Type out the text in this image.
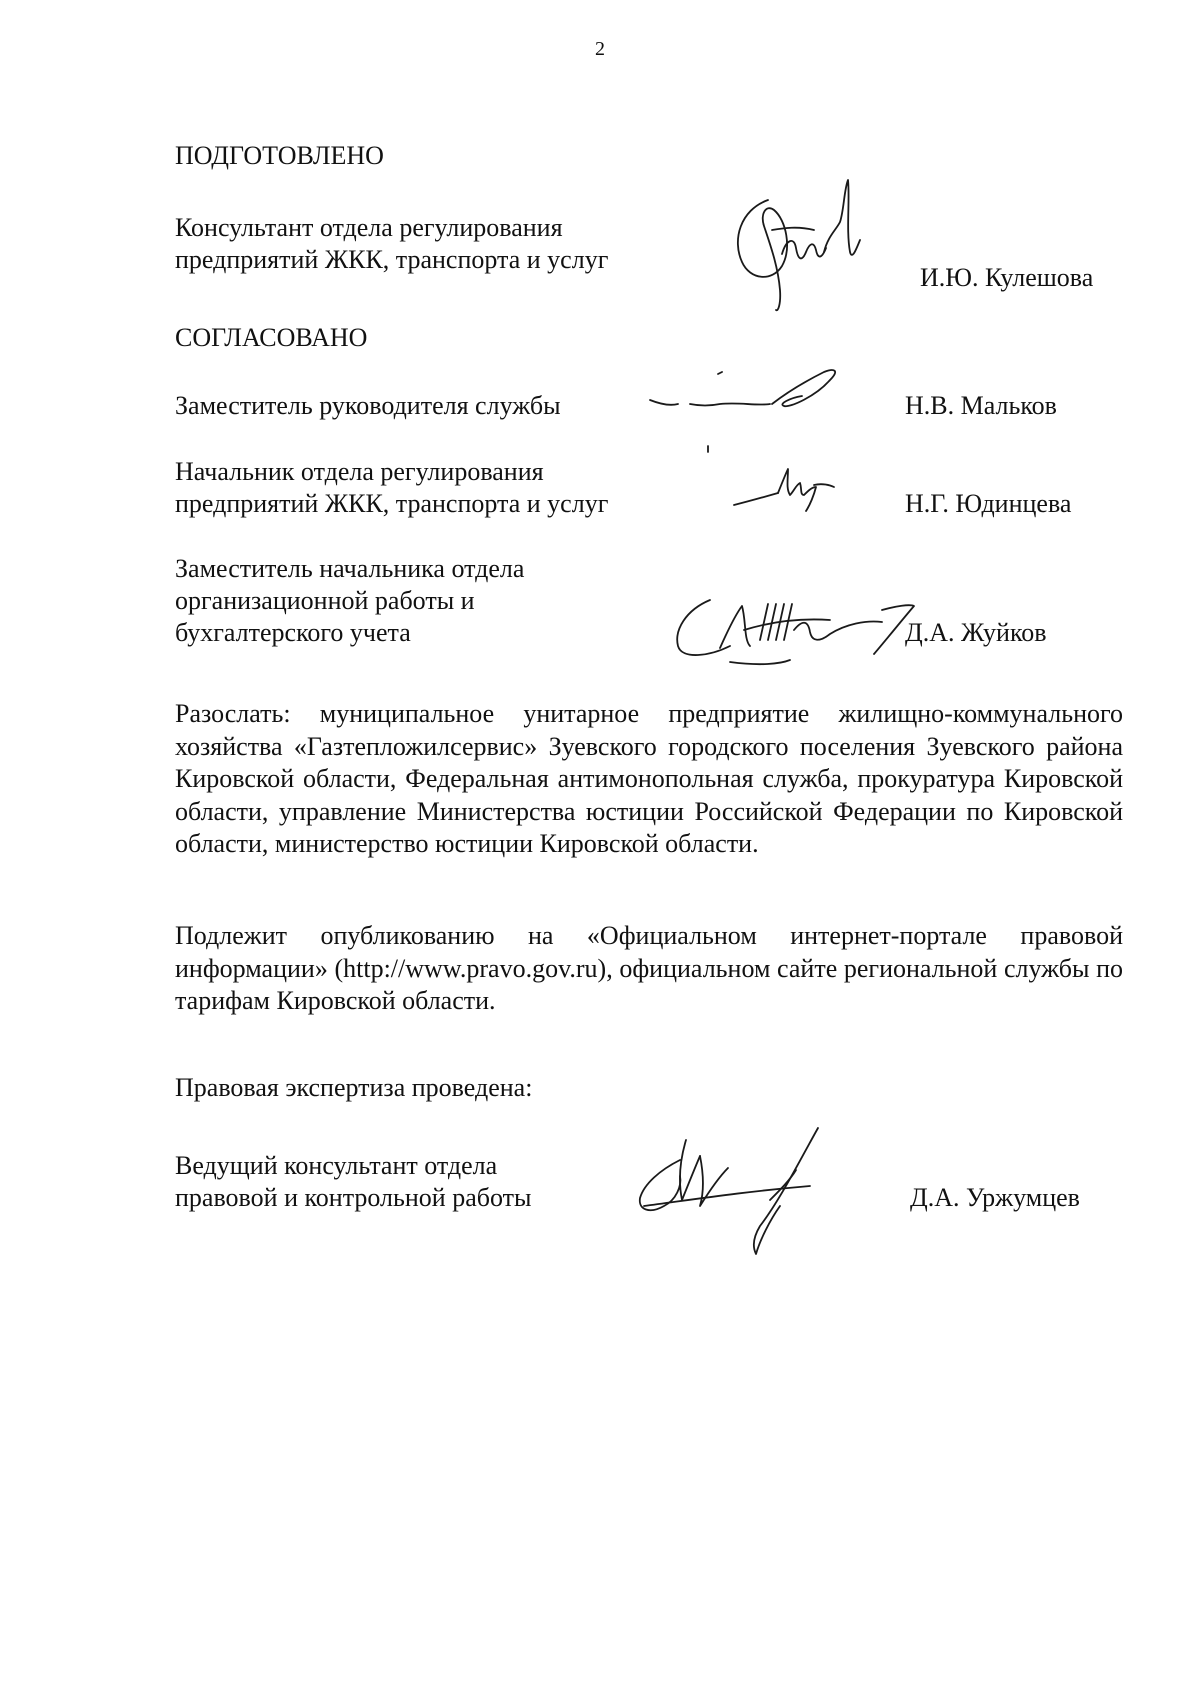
2
ПОДГОТОВЛЕНО
Консультант отдела регулирования
предприятий ЖКК, транспорта и услуг
И.Ю. Кулешова
СОГЛАСОВАНО
Заместитель руководителя службы	Н.В. Мальков
Начальник отдела регулирования
предприятий ЖКК, транспорта и услуг	Н.Г. Юдинцева
Заместитель начальника отдела
организационной работы и
бухгалтерского учета	Д.А. Жуйков

Разослать: муниципальное унитарное предприятие жилищно-коммунального хозяйства «Газтепложилсервис» Зуевского городского поселения Зуевского района Кировской области, Федеральная антимонопольная служба, прокуратура Кировской области, управление Министерства юстиции Российской Федерации по Кировской области, министерство юстиции Кировской области.

Подлежит опубликованию на «Официальном интернет-портале правовой информации» (http://www.pravo.gov.ru), официальном сайте региональной службы по тарифам Кировской области.

Правовая экспертиза проведена:
Ведущий консультант отдела
правовой и контрольной работы	Д.А. Уржумцев
